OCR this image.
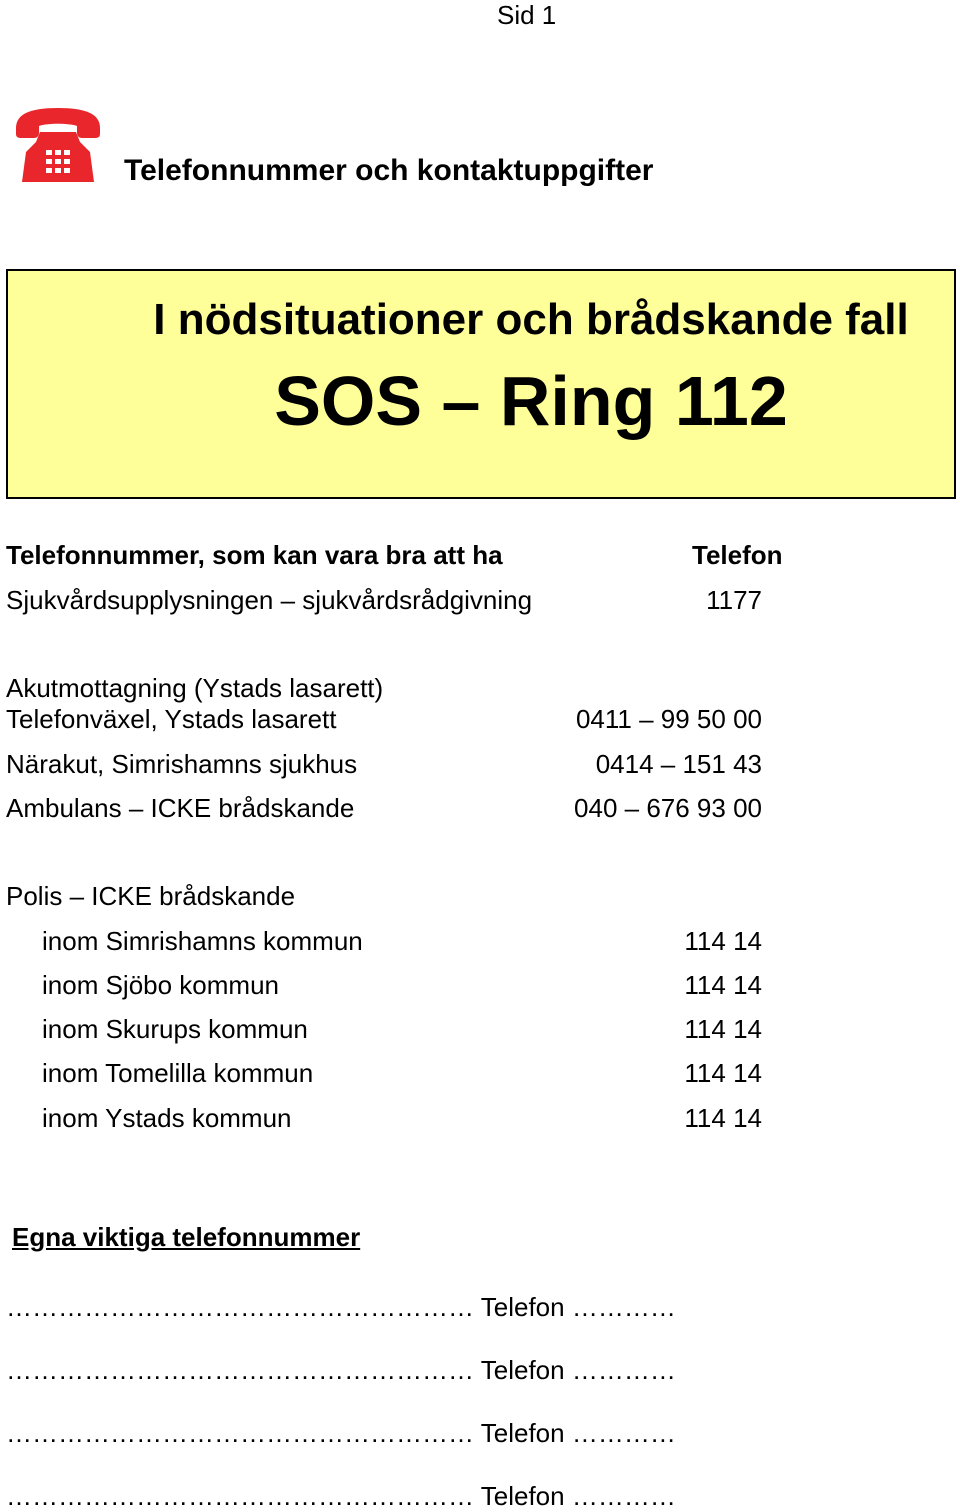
Sid 1
Telefonnummer och kontaktuppgifter
I nödsituationer och brådskande fall
SOS – Ring 112
Telefonnummer, som kan vara bra att ha	Telefon
Sjukvårdsupplysningen – sjukvårdsrådgivning	1177
Akutmottagning (Ystads lasarett)
Telefonväxel, Ystads lasarett	0411 – 99 50 00
Närakut, Simrishamns sjukhus	0414 – 151 43
Ambulans – ICKE brådskande	040 – 676 93 00
Polis – ICKE brådskande
inom Simrishamns kommun	114 14
inom Sjöbo kommun	114 14
inom Skurups kommun	114 14
inom Tomelilla kommun	114 14
inom Ystads kommun	114 14
Egna viktiga telefonnummer
……………………………………………… Telefon …………
……………………………………………… Telefon …………
……………………………………………… Telefon …………
……………………………………………… Telefon …………
